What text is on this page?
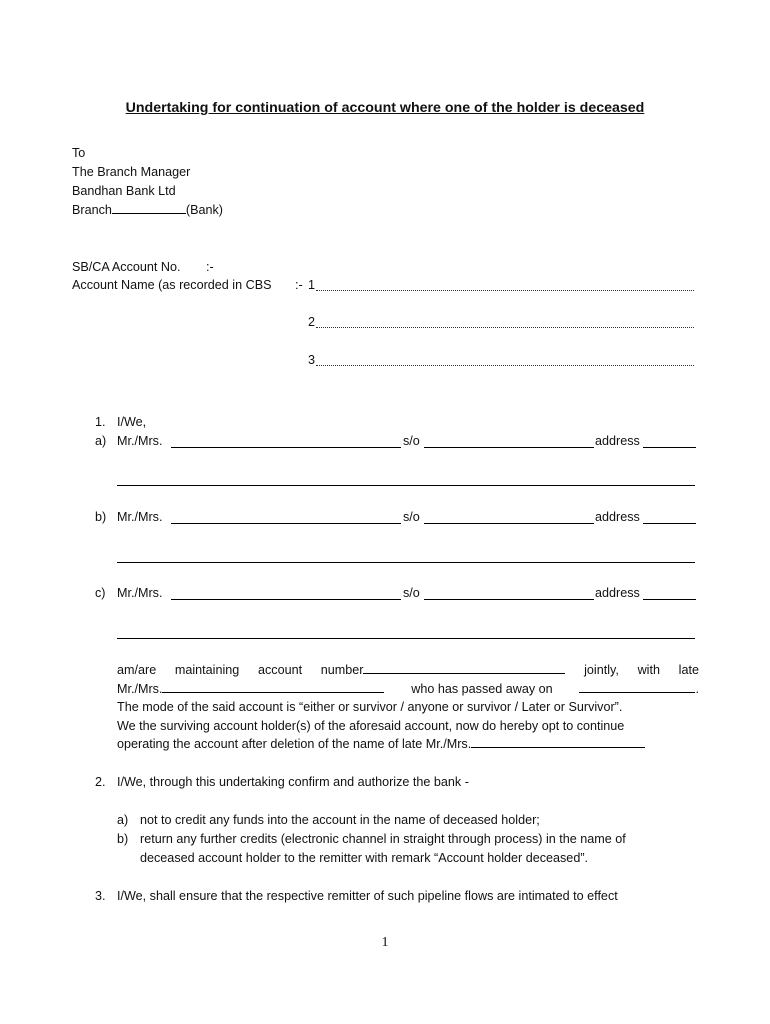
Undertaking for continuation of account where one of the holder is deceased
To
The Branch Manager
Bandhan Bank Ltd
Branch	(Bank)
SB/CA Account No. :-
Account Name (as recorded in CBS :- 1
2
3
1. I/We,
a) Mr./Mrs.	s/o	address
b) Mr./Mrs.	s/o	address
c) Mr./Mrs.	s/o	address
am/are maintaining account number	jointly, with late
Mr./Mrs.	who has passed away on	.
The mode of the said account is “either or survivor / anyone or survivor / Later or Survivor”.
We the surviving account holder(s) of the aforesaid account, now do hereby opt to continue
operating the account after deletion of the name of late Mr./Mrs.
2. I/We, through this undertaking confirm and authorize the bank -
a) not to credit any funds into the account in the name of deceased holder;
b) return any further credits (electronic channel in straight through process) in the name of
deceased account holder to the remitter with remark “Account holder deceased”.
3. I/We, shall ensure that the respective remitter of such pipeline flows are intimated to effect
1
